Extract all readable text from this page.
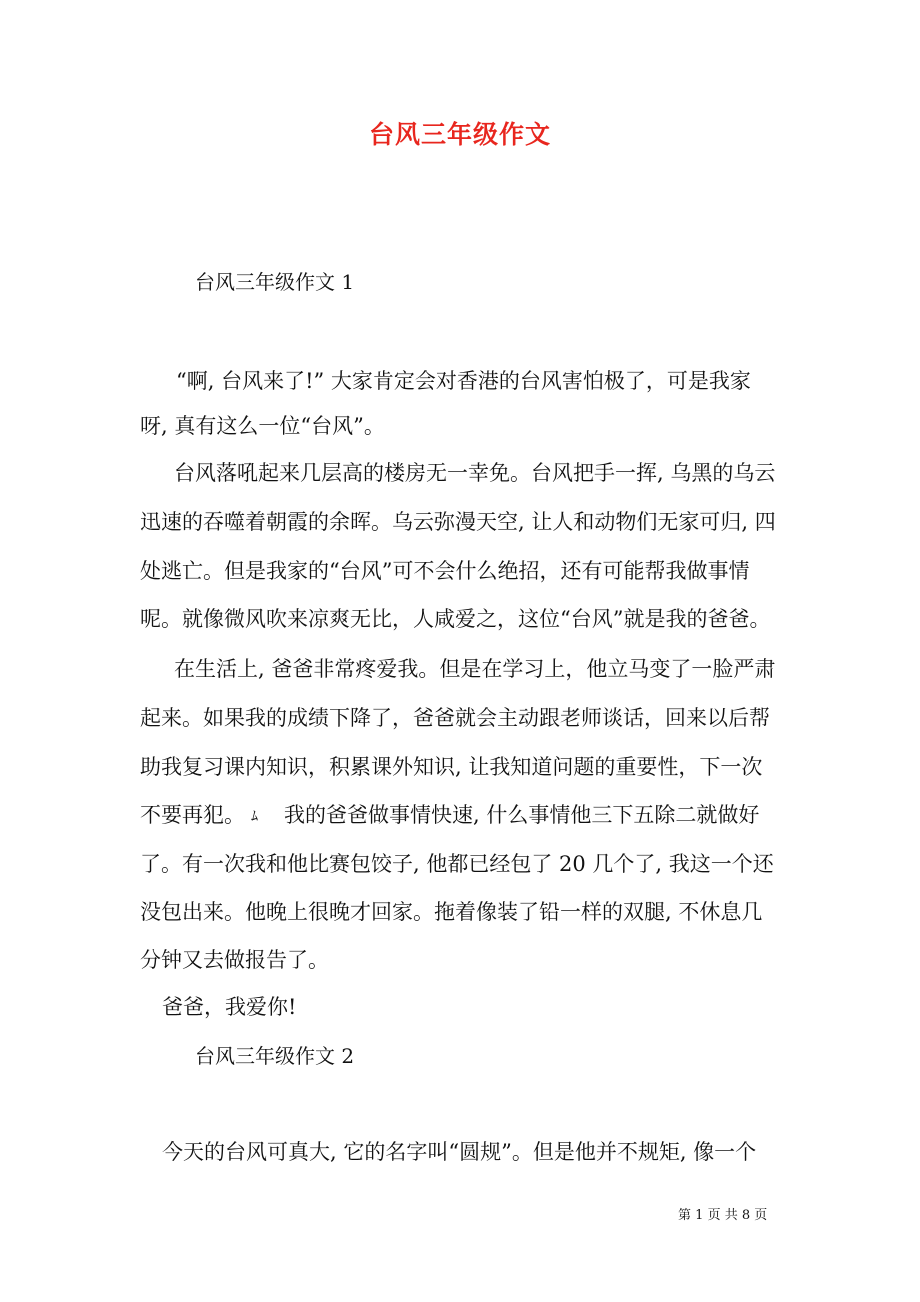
台风三年级作文

台风三年级作文 1

“啊, 台风来了!” 大家肯定会对香港的台风害怕极了，可是我家

呀, 真有这么一位“台风”。

台风落吼起来几层高的楼房无一幸免。台风把手一挥, 乌黑的乌云

迅速的吞噬着朝霞的余晖。乌云弥漫天空, 让人和动物们无家可归, 四

处逃亡。但是我家的“台风”可不会什么绝招，还有可能帮我做事情

呢。就像微风吹来凉爽无比，人咸爱之，这位“台风”就是我的爸爸。

在生活上, 爸爸非常疼爱我。但是在学习上，他立马变了一脸严肃

起来。如果我的成绩下降了，爸爸就会主动跟老师谈话，回来以后帮

助我复习课内知识，积累课外知识, 让我知道问题的重要性，下一次

不要再犯。 ﾑ 我的爸爸做事情快速, 什么事情他三下五除二就做好

了。有一次我和他比赛包饺子, 他都已经包了 20 几个了, 我这一个还

没包出来。他晚上很晚才回家。拖着像装了铅一样的双腿, 不休息几

分钟又去做报告了。

爸爸，我爱你!

台风三年级作文 2

今天的台风可真大, 它的名字叫“圆规”。但是他并不规矩, 像一个

第 1 页 共 8 页
